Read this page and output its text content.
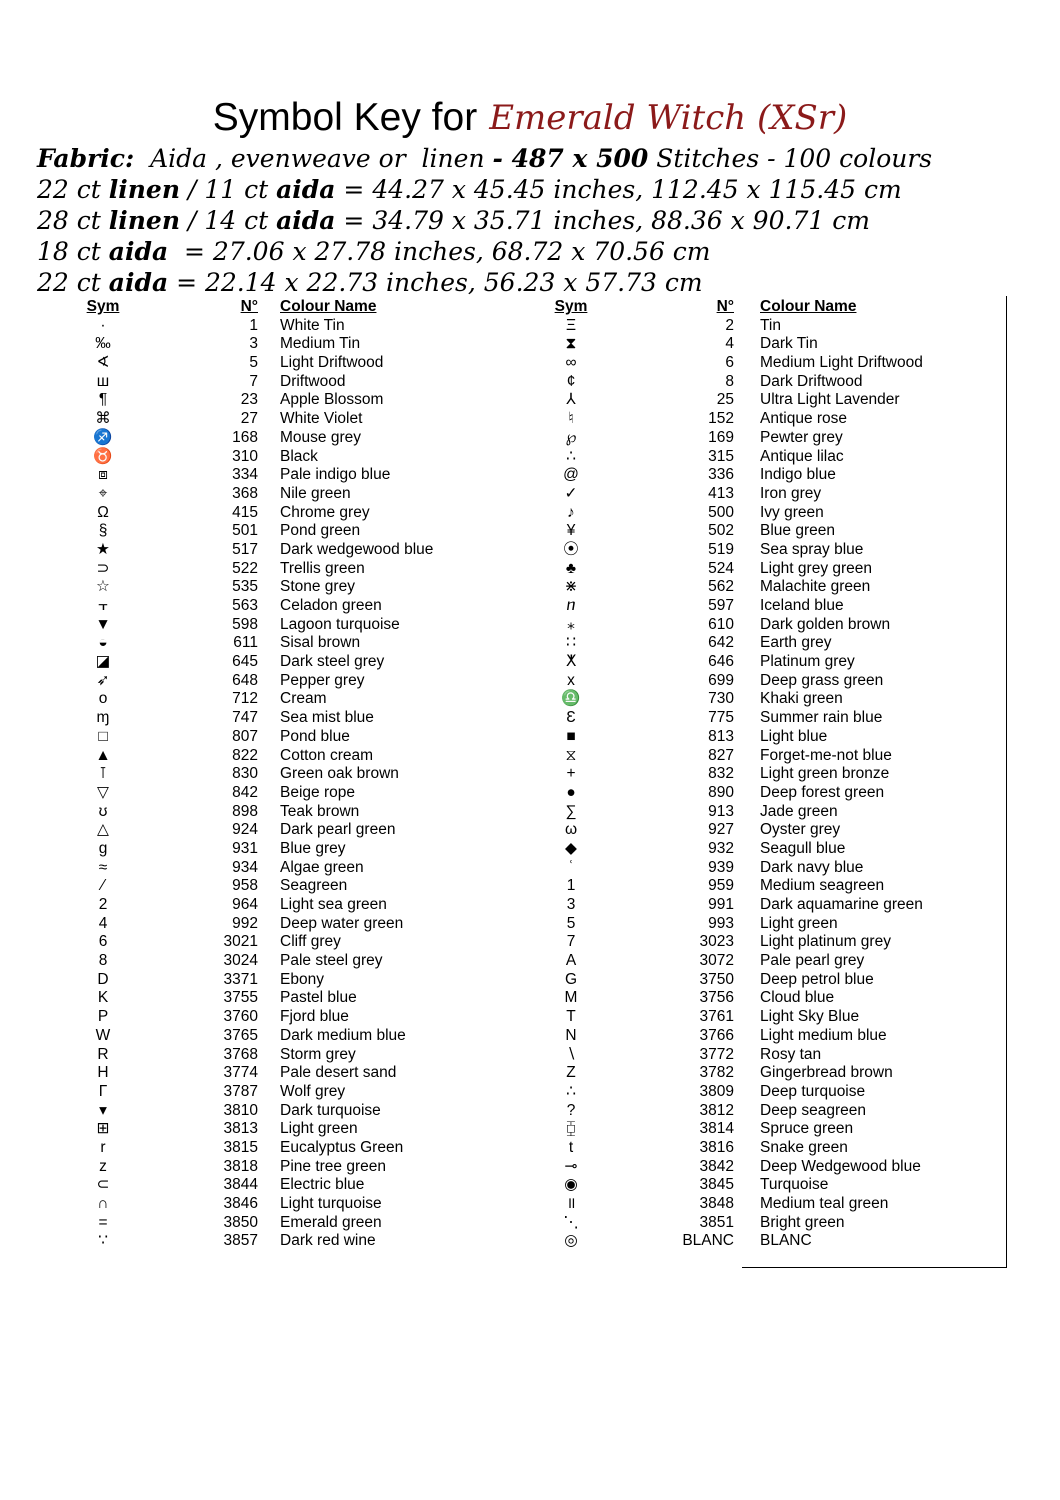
Symbol Key for Emerald Witch (XSr)
Fabric:  Aida , evenweave or  linen - 487 x 500 Stitches - 100 colours
22 ct linen / 11 ct aida = 44.27 x 45.45 inches, 112.45 x 115.45 cm
28 ct linen / 14 ct aida = 34.79 x 35.71 inches, 88.36 x 90.71 cm
18 ct aida  = 27.06 x 27.78 inches, 68.72 x 70.56 cm
22 ct aida = 22.14 x 22.73 inches, 56.23 x 57.73 cm
Sym	N° Colour Name
·	1 White Tin
‰	3 Medium Tin
∢	5 Light Driftwood
ш	7 Driftwood
¶	23 Apple Blossom
⌘	27 White Violet
♐	168 Mouse grey
♉	310 Black
⧈	334 Pale indigo blue
⌖	368 Nile green
Ω	415 Chrome grey
§	501 Pond green
★	517 Dark wedgewood blue
⊃	522 Trellis green
☆	535 Stone grey
⫟	563 Celadon green
▼	598 Lagoon turquoise
◒	611 Sisal brown
◪	645 Dark steel grey
➶	648 Pepper grey
o	712 Cream
ɱ	747 Sea mist blue
□	807 Pond blue
▲	822 Cotton cream
⊺	830 Green oak brown
▽	842 Beige rope
ʊ	898 Teak brown
△	924 Dark pearl green
g	931 Blue grey
≈	934 Algae green
⁄	958 Seagreen
2	964 Light sea green
4	992 Deep water green
6	3021 Cliff grey
8	3024 Pale steel grey
D	3371 Ebony
K	3755 Pastel blue
P	3760 Fjord blue
W	3765 Dark medium blue
R	3768 Storm grey
H	3774 Pale desert sand
Γ	3787 Wolf grey
▾	3810 Dark turquoise
⊞	3813 Light green
r	3815 Eucalyptus Green
z	3818 Pine tree green
⊂	3844 Electric blue
∩	3846 Light turquoise
=	3850 Emerald green
∵	3857 Dark red wine
Sym	N° Colour Name
Ξ	2 Tin
⧗	4 Dark Tin
∞	6 Medium Light Driftwood
¢	8 Dark Driftwood
⅄	25 Ultra Light Lavender
♮	152 Antique rose
℘	169 Pewter grey
∴	315 Antique lilac
@	336 Indigo blue
✓	413 Iron grey
♪	500 Ivy green
¥	502 Blue green
⦿	519 Sea spray blue
♣	524 Light grey green
⋇	562 Malachite green
ⴖ	597 Iceland blue
⁎	610 Dark golden brown
∷	642 Earth grey
ⵅ	646 Platinum grey
x	699 Deep grass green
♎	730 Khaki green
Ɛ	775 Summer rain blue
■	813 Light blue
⧖	827 Forget-me-not blue
+	832 Light green bronze
●	890 Deep forest green
∑	913 Jade green
ω	927 Oyster grey
◆	932 Seagull blue
ʿ	939 Dark navy blue
1	959 Medium seagreen
3	991 Dark aquamarine green
5	993 Light green
7	3023 Light platinum grey
A	3072 Pale pearl grey
G	3750 Deep petrol blue
M	3756 Cloud blue
T	3761 Light Sky Blue
N	3766 Light medium blue
∖	3772 Rosy tan
Z	3782 Gingerbread brown
∴	3809 Deep turquoise
?	3812 Deep seagreen
⧮	3814 Spruce green
t	3816 Snake green
⊸	3842 Deep Wedgewood blue
◉	3845 Turquoise
॥	3848 Medium teal green
⋱	3851 Bright green
◎	BLANC BLANC
